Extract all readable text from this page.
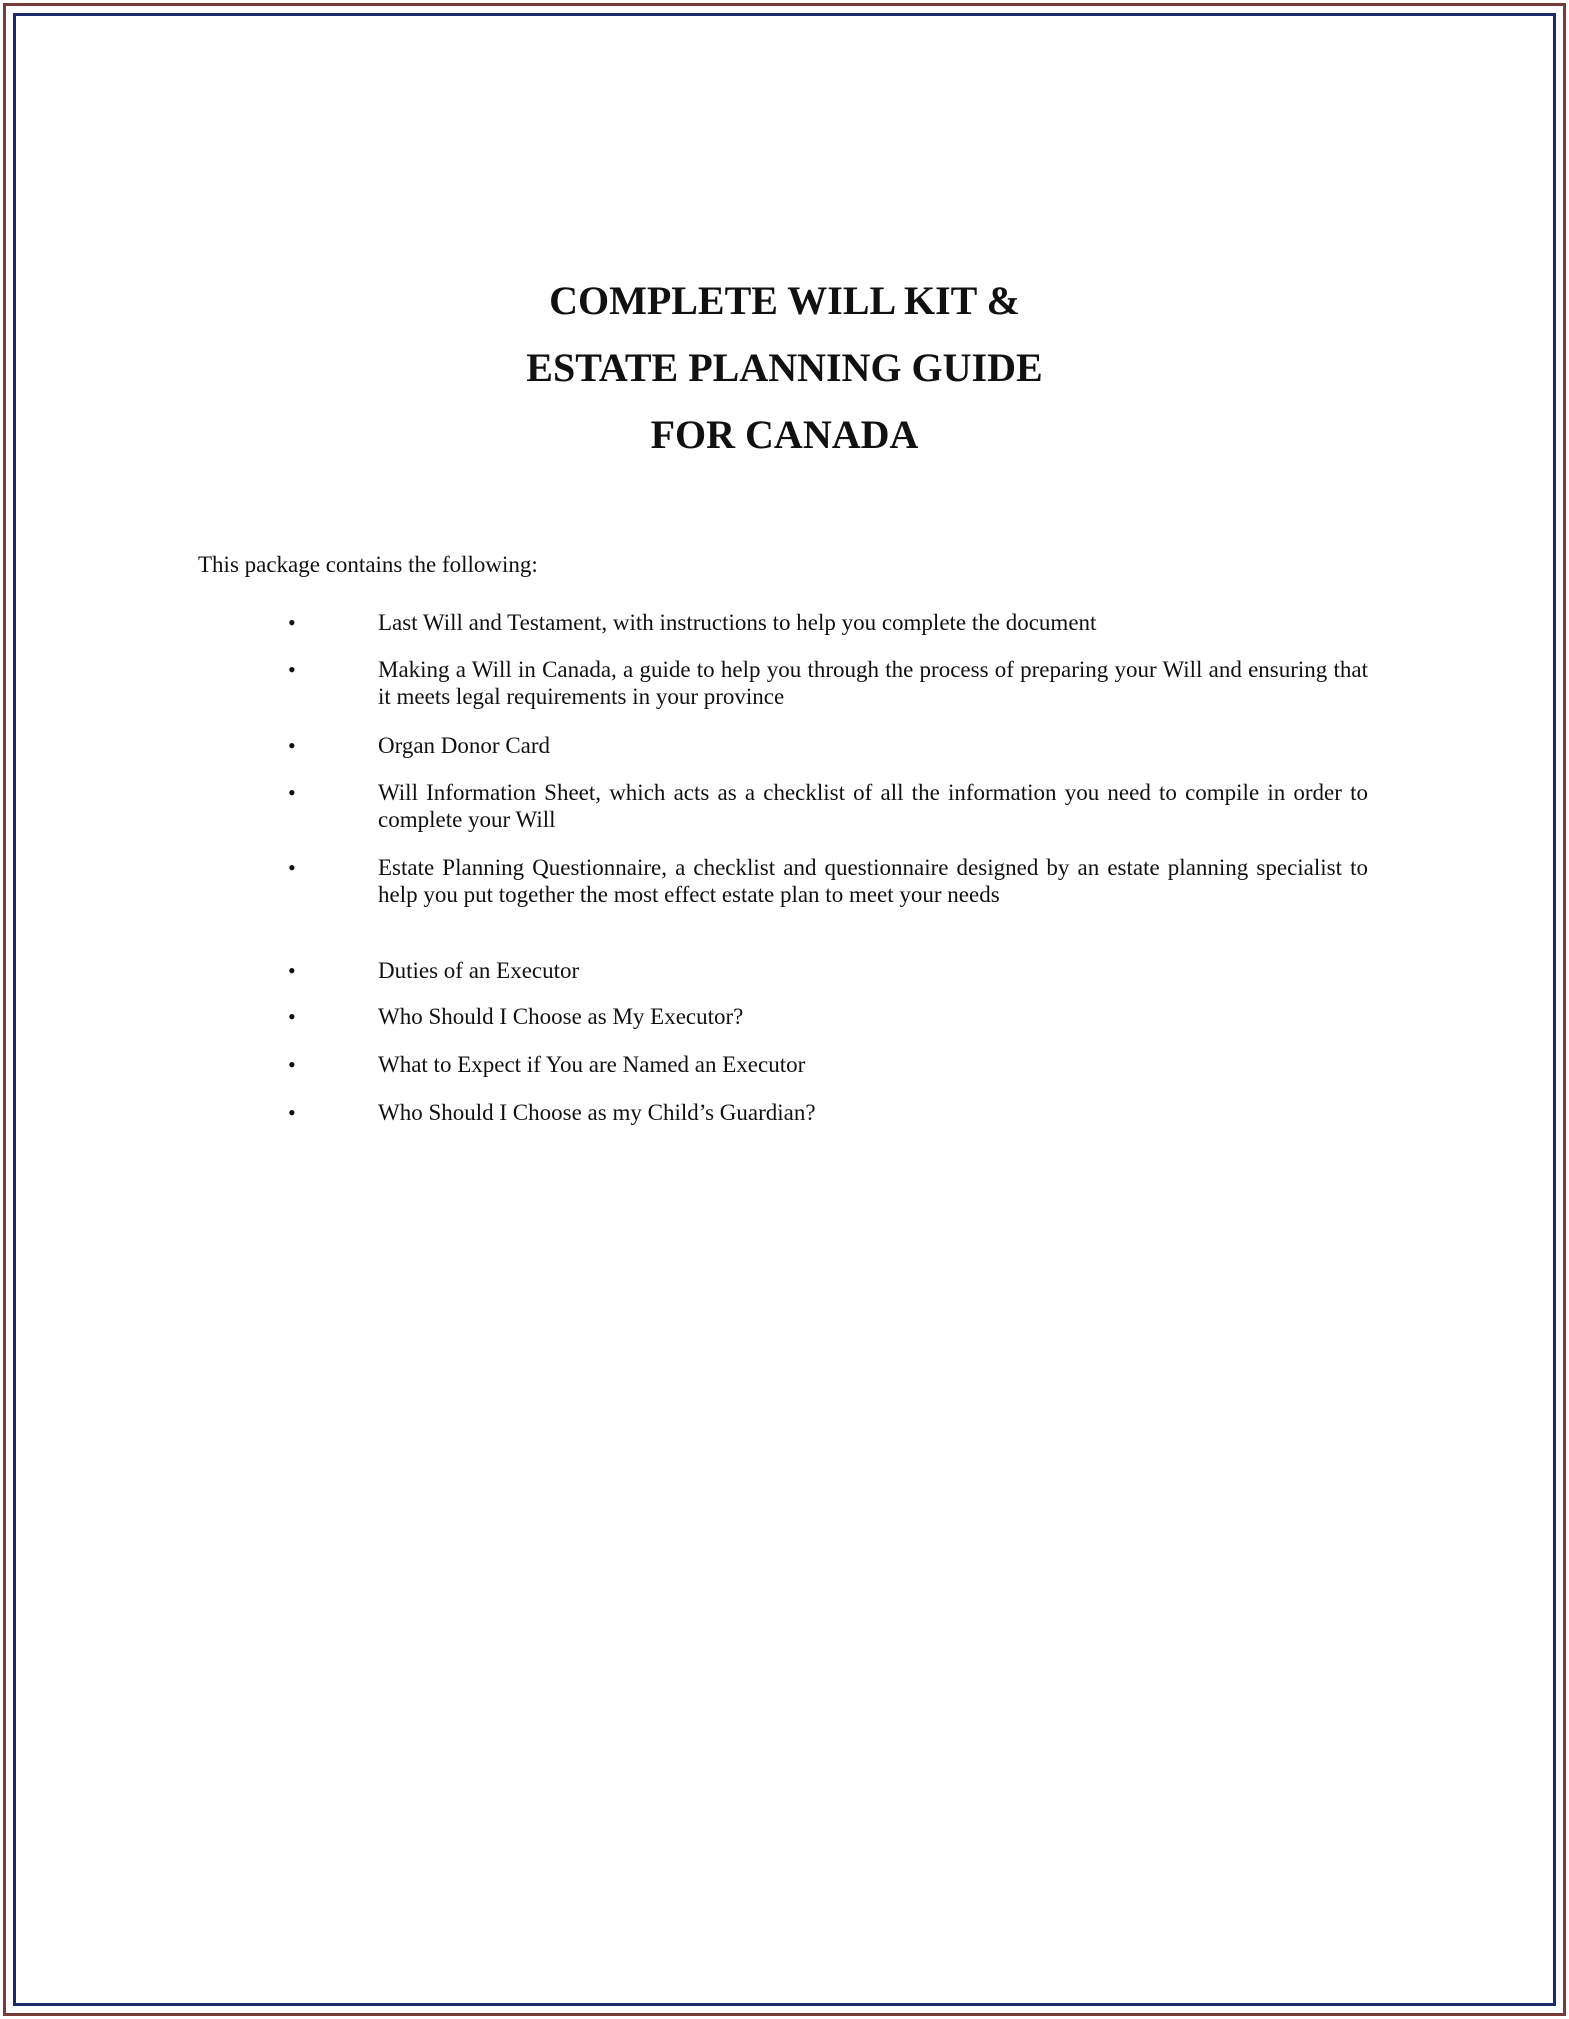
COMPLETE WILL KIT &
ESTATE PLANNING GUIDE
FOR CANADA

This package contains the following:

•	Last Will and Testament, with instructions to help you complete the document
•	Making a Will in Canada, a guide to help you through the process of preparing your Will and ensuring that it meets legal requirements in your province
•	Organ Donor Card
•	Will Information Sheet, which acts as a checklist of all the information you need to compile in order to complete your Will
•	Estate Planning Questionnaire, a checklist and questionnaire designed by an estate planning specialist to help you put together the most effect estate plan to meet your needs
•	Duties of an Executor
•	Who Should I Choose as My Executor?
•	What to Expect if You are Named an Executor
•	Who Should I Choose as my Child’s Guardian?
